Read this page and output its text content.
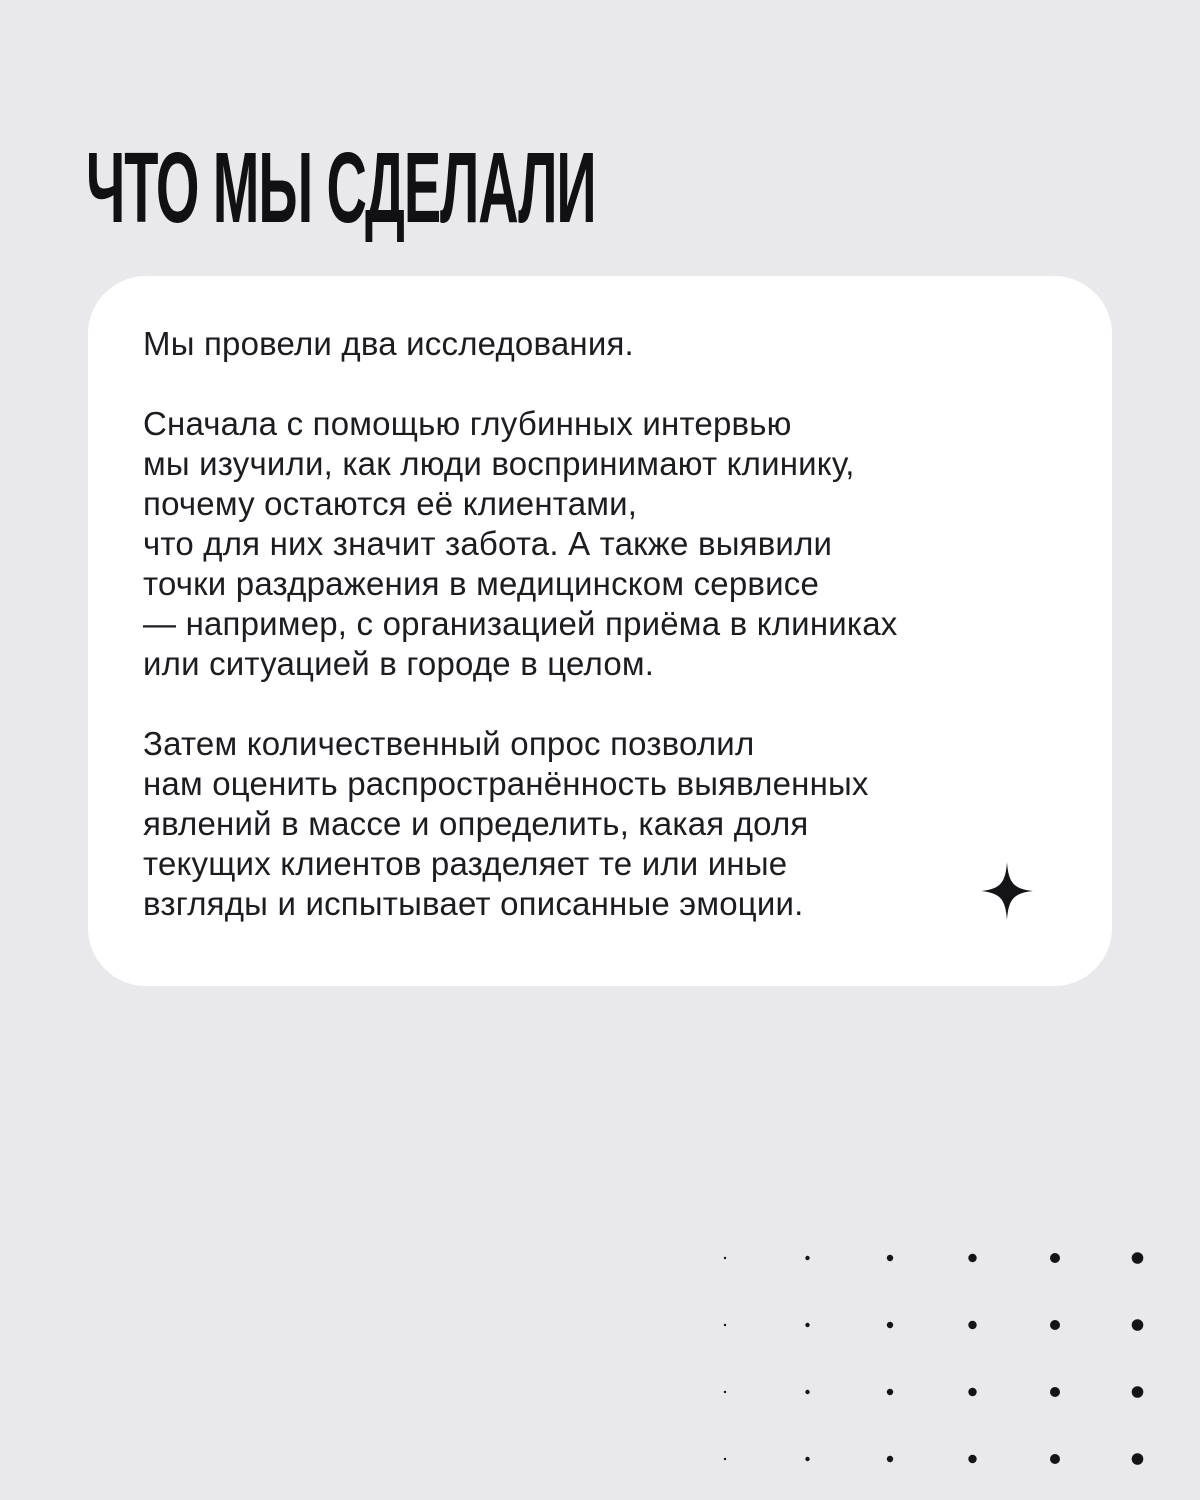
ЧТО МЫ СДЕЛАЛИ

Мы провели два исследования.

Сначала с помощью глубинных интервью
мы изучили, как люди воспринимают клинику,
почему остаются её клиентами,
что для них значит забота. А также выявили
точки раздражения в медицинском сервисе
— например, с организацией приёма в клиниках
или ситуацией в городе в целом.

Затем количественный опрос позволил
нам оценить распространённость выявленных
явлений в массе и определить, какая доля
текущих клиентов разделяет те или иные
взгляды и испытывает описанные эмоции.
